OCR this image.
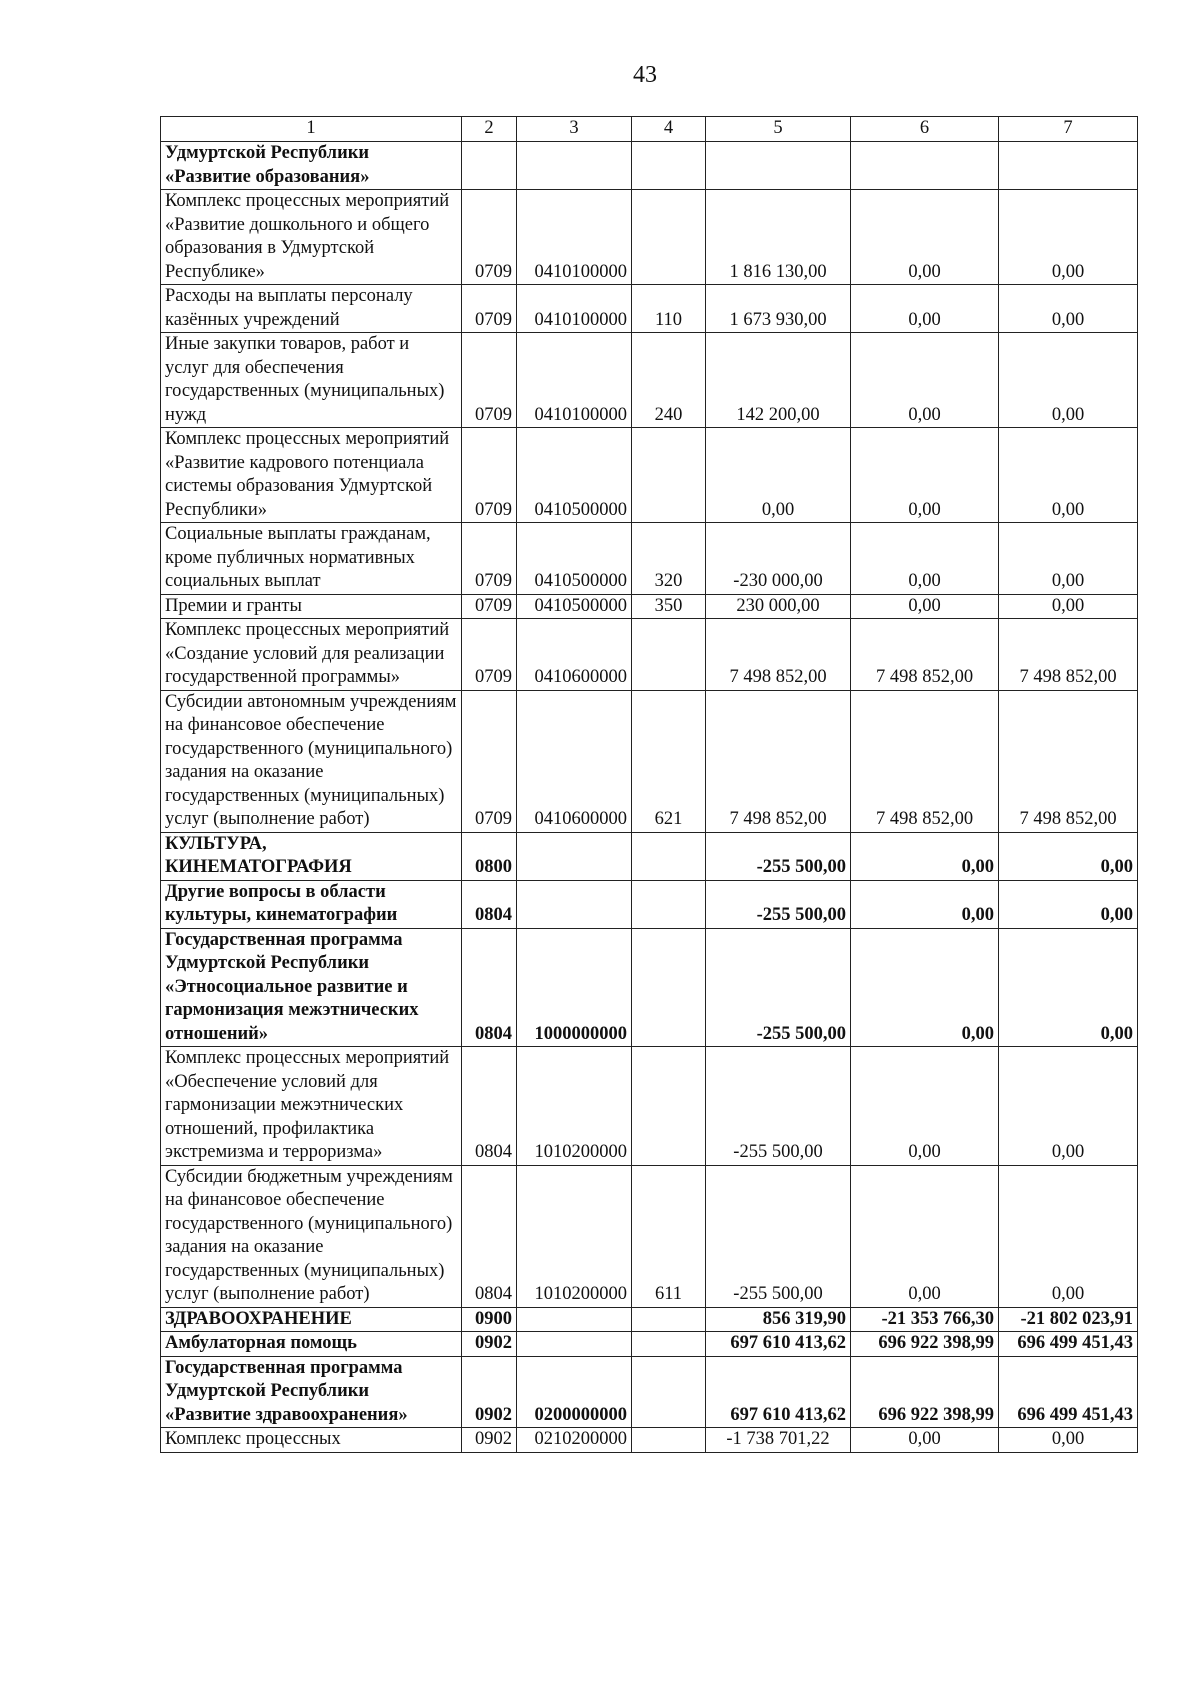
43
1	2	3	4	5	6	7
Удмуртской Республики «Развитие образования»						
Комплекс процессных мероприятий «Развитие дошкольного и общего образования в Удмуртской Республике»	0709	0410100000		1 816 130,00	0,00	0,00
Расходы на выплаты персоналу казённых учреждений	0709	0410100000	110	1 673 930,00	0,00	0,00
Иные закупки товаров, работ и услуг для обеспечения государственных (муниципальных) нужд	0709	0410100000	240	142 200,00	0,00	0,00
Комплекс процессных мероприятий «Развитие кадрового потенциала системы образования Удмуртской Республики»	0709	0410500000		0,00	0,00	0,00
Социальные выплаты гражданам, кроме публичных нормативных социальных выплат	0709	0410500000	320	-230 000,00	0,00	0,00
Премии и гранты	0709	0410500000	350	230 000,00	0,00	0,00
Комплекс процессных мероприятий «Создание условий для реализации государственной программы»	0709	0410600000		7 498 852,00	7 498 852,00	7 498 852,00
Субсидии автономным учреждениям на финансовое обеспечение государственного (муниципального) задания на оказание государственных (муниципальных) услуг (выполнение работ)	0709	0410600000	621	7 498 852,00	7 498 852,00	7 498 852,00
КУЛЬТУРА, КИНЕМАТОГРАФИЯ	0800			-255 500,00	0,00	0,00
Другие вопросы в области культуры, кинематографии	0804			-255 500,00	0,00	0,00
Государственная программа Удмуртской Республики «Этносоциальное развитие и гармонизация межэтнических отношений»	0804	1000000000		-255 500,00	0,00	0,00
Комплекс процессных мероприятий «Обеспечение условий для гармонизации межэтнических отношений, профилактика экстремизма и терроризма»	0804	1010200000		-255 500,00	0,00	0,00
Субсидии бюджетным учреждениям на финансовое обеспечение государственного (муниципального) задания на оказание государственных (муниципальных) услуг (выполнение работ)	0804	1010200000	611	-255 500,00	0,00	0,00
ЗДРАВООХРАНЕНИЕ	0900			856 319,90	-21 353 766,30	-21 802 023,91
Амбулаторная помощь	0902			697 610 413,62	696 922 398,99	696 499 451,43
Государственная программа Удмуртской Республики «Развитие здравоохранения»	0902	0200000000		697 610 413,62	696 922 398,99	696 499 451,43
Комплекс процессных	0902	0210200000		-1 738 701,22	0,00	0,00
